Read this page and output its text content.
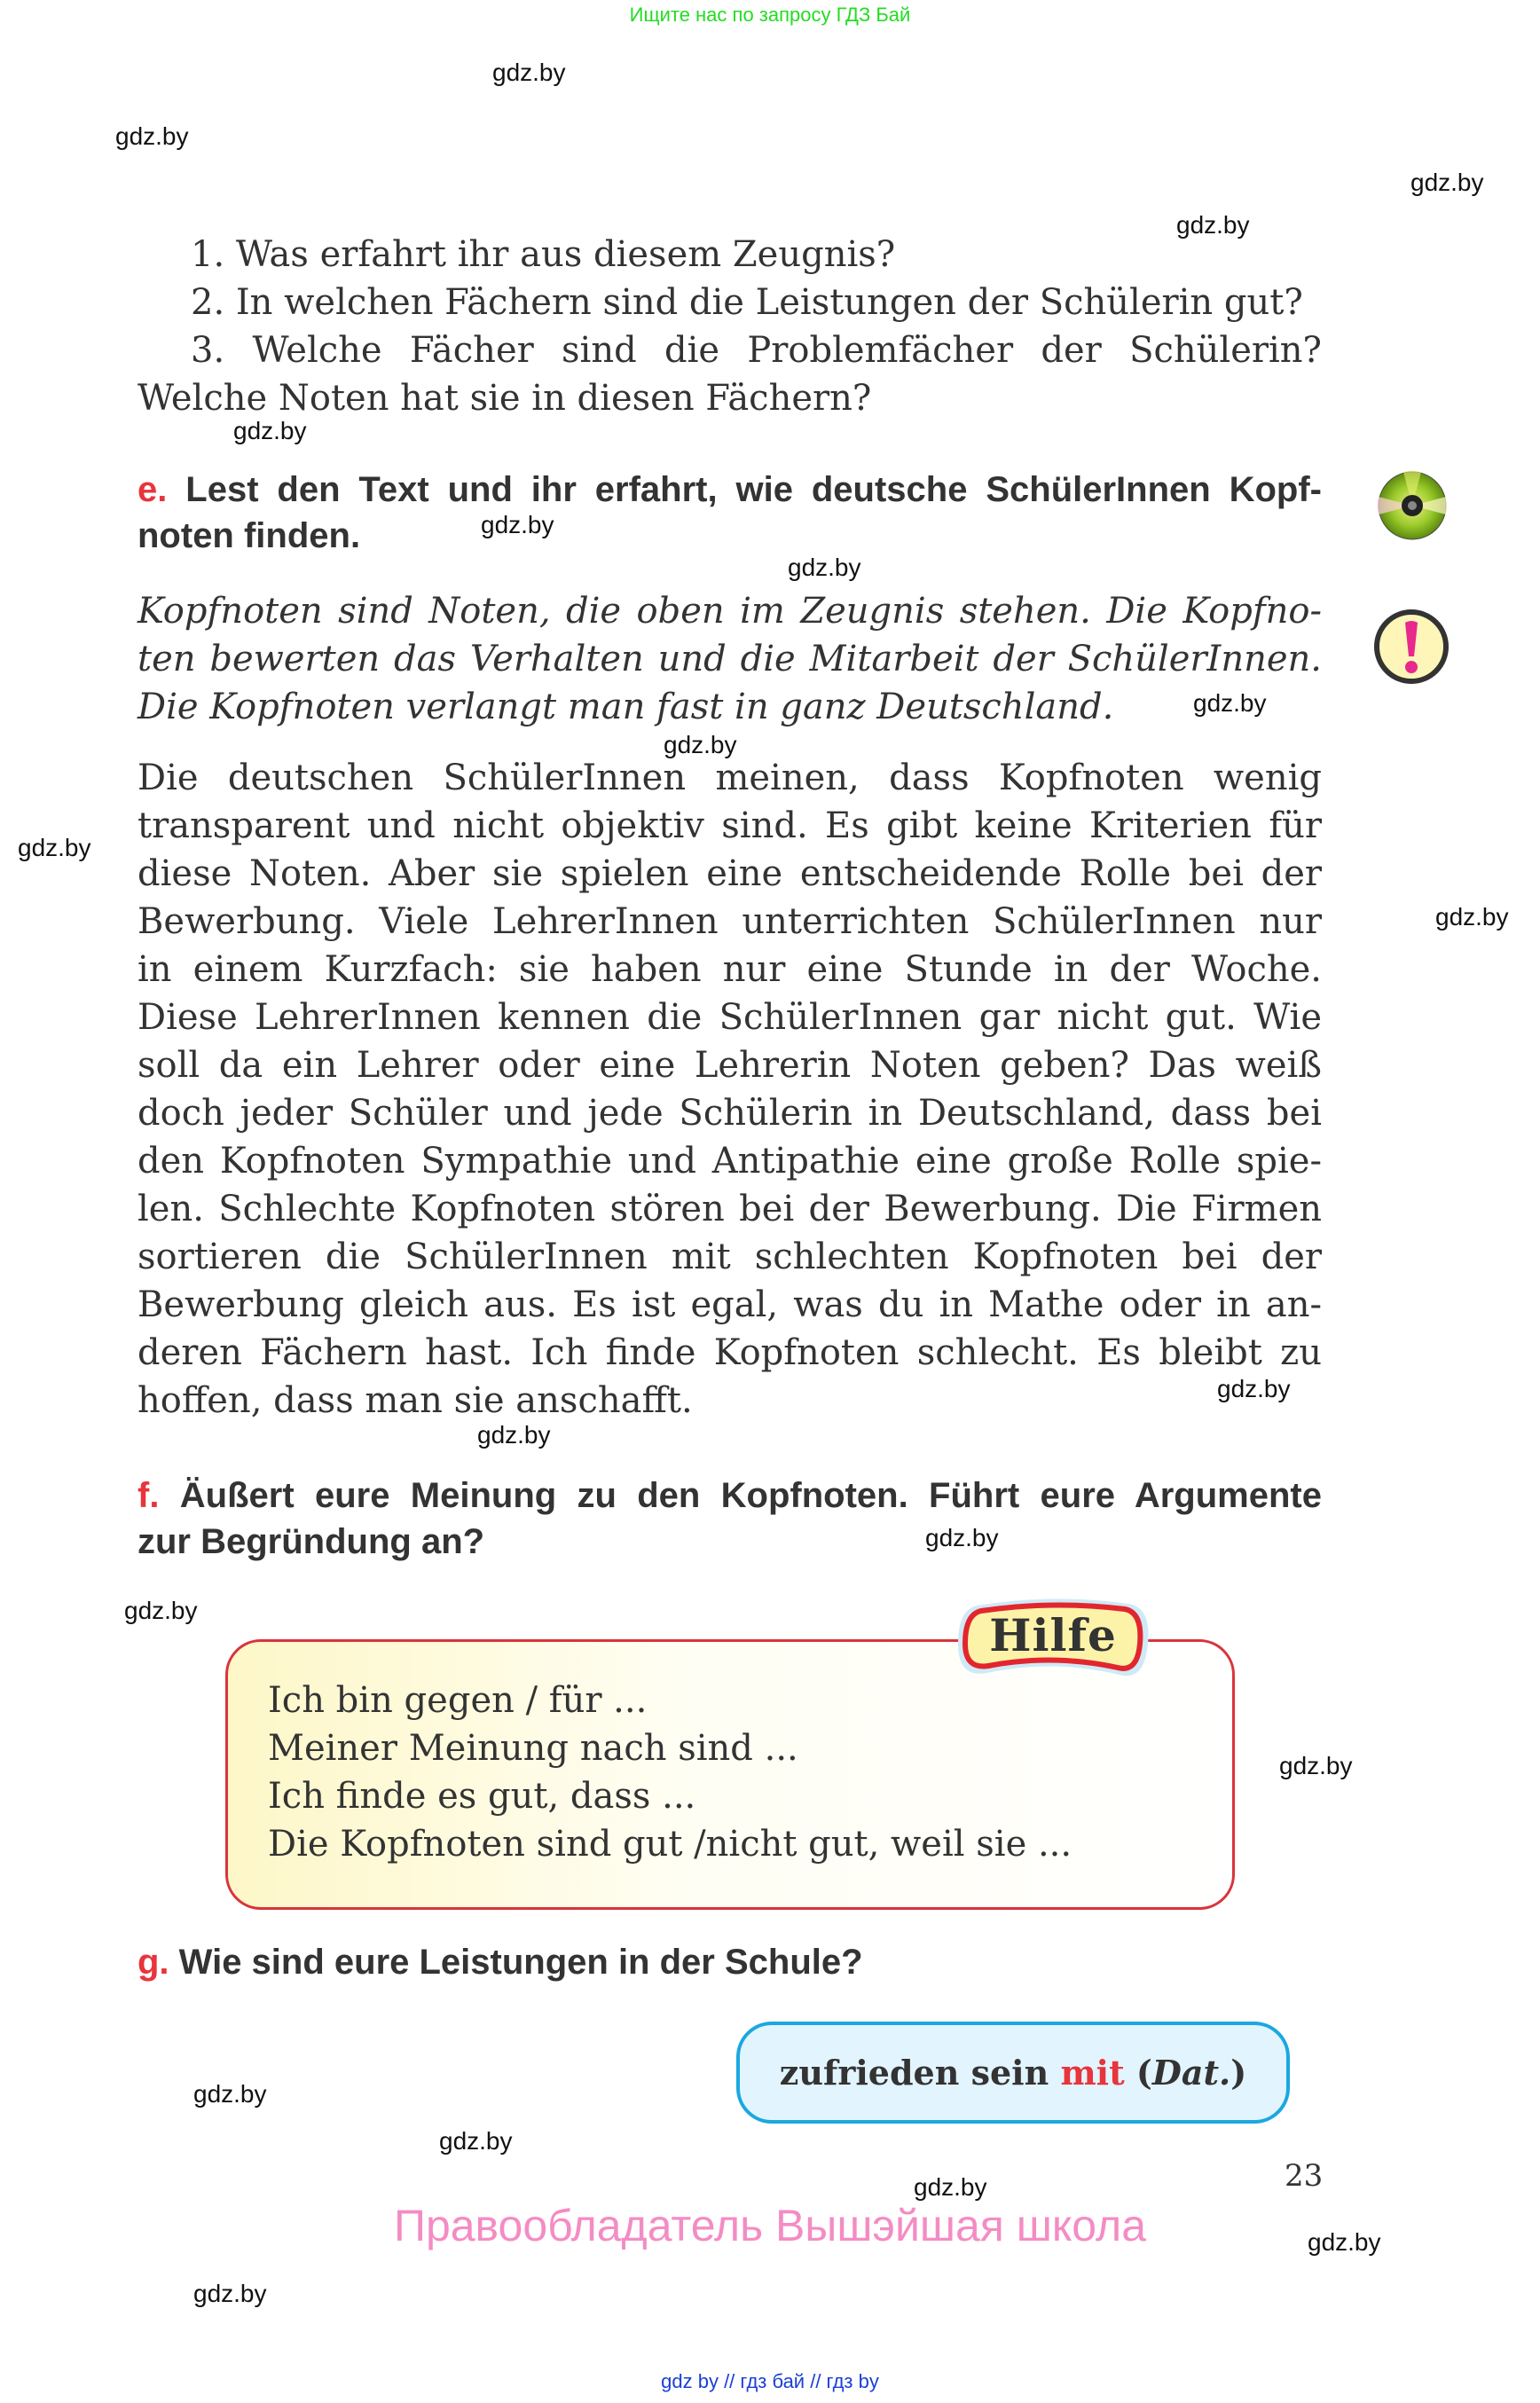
Ищите нас по запросу ГДЗ Бай
gdz.by
gdz.by
gdz.by
gdz.by
gdz.by
gdz.by
gdz.by
gdz.by
gdz.by
gdz.by
gdz.by
gdz.by
gdz.by
gdz.by
gdz.by
gdz.by
gdz.by
gdz.by
gdz.by
gdz.by
gdz.by
1. Was erfahrt ihr aus diesem Zeugnis?
2. In welchen Fächern sind die Leistungen der Schülerin gut?
3. Welche Fächer sind die Problemfächer der Schülerin?
Welche Noten hat sie in diesen Fächern?
e. Lest den Text und ihr erfahrt, wie deutsche SchülerInnen Kopf-
noten finden.
Kopfnoten sind Noten, die oben im Zeugnis stehen. Die Kopfno-
ten bewerten das Verhalten und die Mitarbeit der SchülerInnen.
Die Kopfnoten verlangt man fast in ganz Deutschland.

Die deutschen SchülerInnen meinen, dass Kopfnoten wenig

transparent und nicht objektiv sind. Es gibt keine Kriterien für

diese Noten. Aber sie spielen eine entscheidende Rolle bei der

Bewerbung. Viele LehrerInnen unterrichten SchülerInnen nur

in einem Kurzfach: sie haben nur eine Stunde in der Woche.

Diese LehrerInnen kennen die SchülerInnen gar nicht gut. Wie

soll da ein Lehrer oder eine Lehrerin Noten geben? Das weiß

doch jeder Schüler und jede Schülerin in Deutschland, dass bei

den Kopfnoten Sympathie und Antipathie eine große Rolle spie-

len. Schlechte Kopfnoten stören bei der Bewerbung. Die Firmen

sortieren die SchülerInnen mit schlechten Kopfnoten bei der

Bewerbung gleich aus. Es ist egal, was du in Mathe oder in an-

deren Fächern hast. Ich finde Kopfnoten schlecht. Es bleibt zu

hoffen, dass man sie anschafft.

f. Äußert eure Meinung zu den Kopfnoten. Führt eure Argumente
zur Begründung an?
Hilfe
Ich bin gegen / für ...
Meiner Meinung nach sind ...
Ich finde es gut, dass ...
Die Kopfnoten sind gut /nicht gut, weil sie ...
g. Wie sind eure Leistungen in der Schule?
zufrieden sein
mit
( Dat. )
23
Правообладатель Вышэйшая школа
gdz by // гдз бай // гдз by
